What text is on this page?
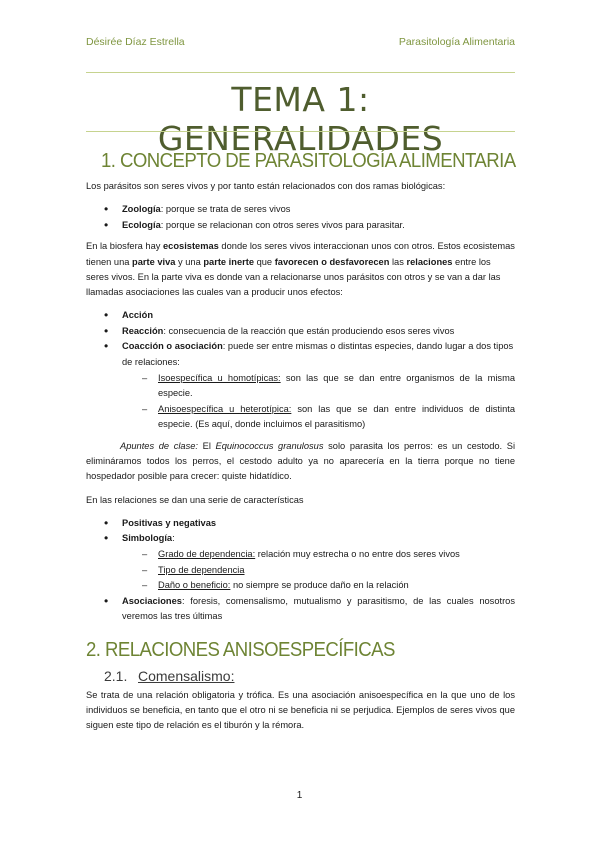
Désirée Díaz Estrella	Parasitología Alimentaria
TEMA 1: GENERALIDADES
1. CONCEPTO DE PARASITOLOGÍA ALIMENTARIA

Los parásitos son seres vivos y por tanto están relacionados con dos ramas biológicas:

• Zoología: porque se trata de seres vivos
• Ecología: porque se relacionan con otros seres vivos para parasitar.

En la biosfera hay ecosistemas donde los seres vivos interaccionan unos con otros. Estos ecosistemas tienen una parte viva y una parte inerte que favorecen o desfavorecen las relaciones entre los seres vivos. En la parte viva es donde van a relacionarse unos parásitos con otros y se van a dar las llamadas asociaciones las cuales van a producir unos efectos:

• Acción
• Reacción: consecuencia de la reacción que están produciendo esos seres vivos
• Coacción o asociación: puede ser entre mismas o distintas especies, dando lugar a dos tipos de relaciones:
– Isoespecífica u homotípicas: son las que se dan entre organismos de la misma especie.
– Anisoespecífica u heterotípica: son las que se dan entre individuos de distinta especie. (Es aquí, donde incluimos el parasitismo)

Apuntes de clase: El Equinococcus granulosus solo parasita los perros: es un cestodo. Si elimináramos todos los perros, el cestodo adulto ya no aparecería en la tierra porque no tiene hospedador posible para crecer: quiste hidatídico.

En las relaciones se dan una serie de características

• Positivas y negativas
• Simbología:
– Grado de dependencia: relación muy estrecha o no entre dos seres vivos
– Tipo de dependencia
– Daño o beneficio: no siempre se produce daño en la relación
• Asociaciones: foresis, comensalismo, mutualismo y parasitismo, de las cuales nosotros veremos las tres últimas
2. RELACIONES ANISOESPECÍFICAS
2.1. Comensalismo:

Se trata de una relación obligatoria y trófica. Es una asociación anisoespecífica en la que uno de los individuos se beneficia, en tanto que el otro ni se beneficia ni se perjudica. Ejemplos de seres vivos que siguen este tipo de relación es el tiburón y la rémora.

1
